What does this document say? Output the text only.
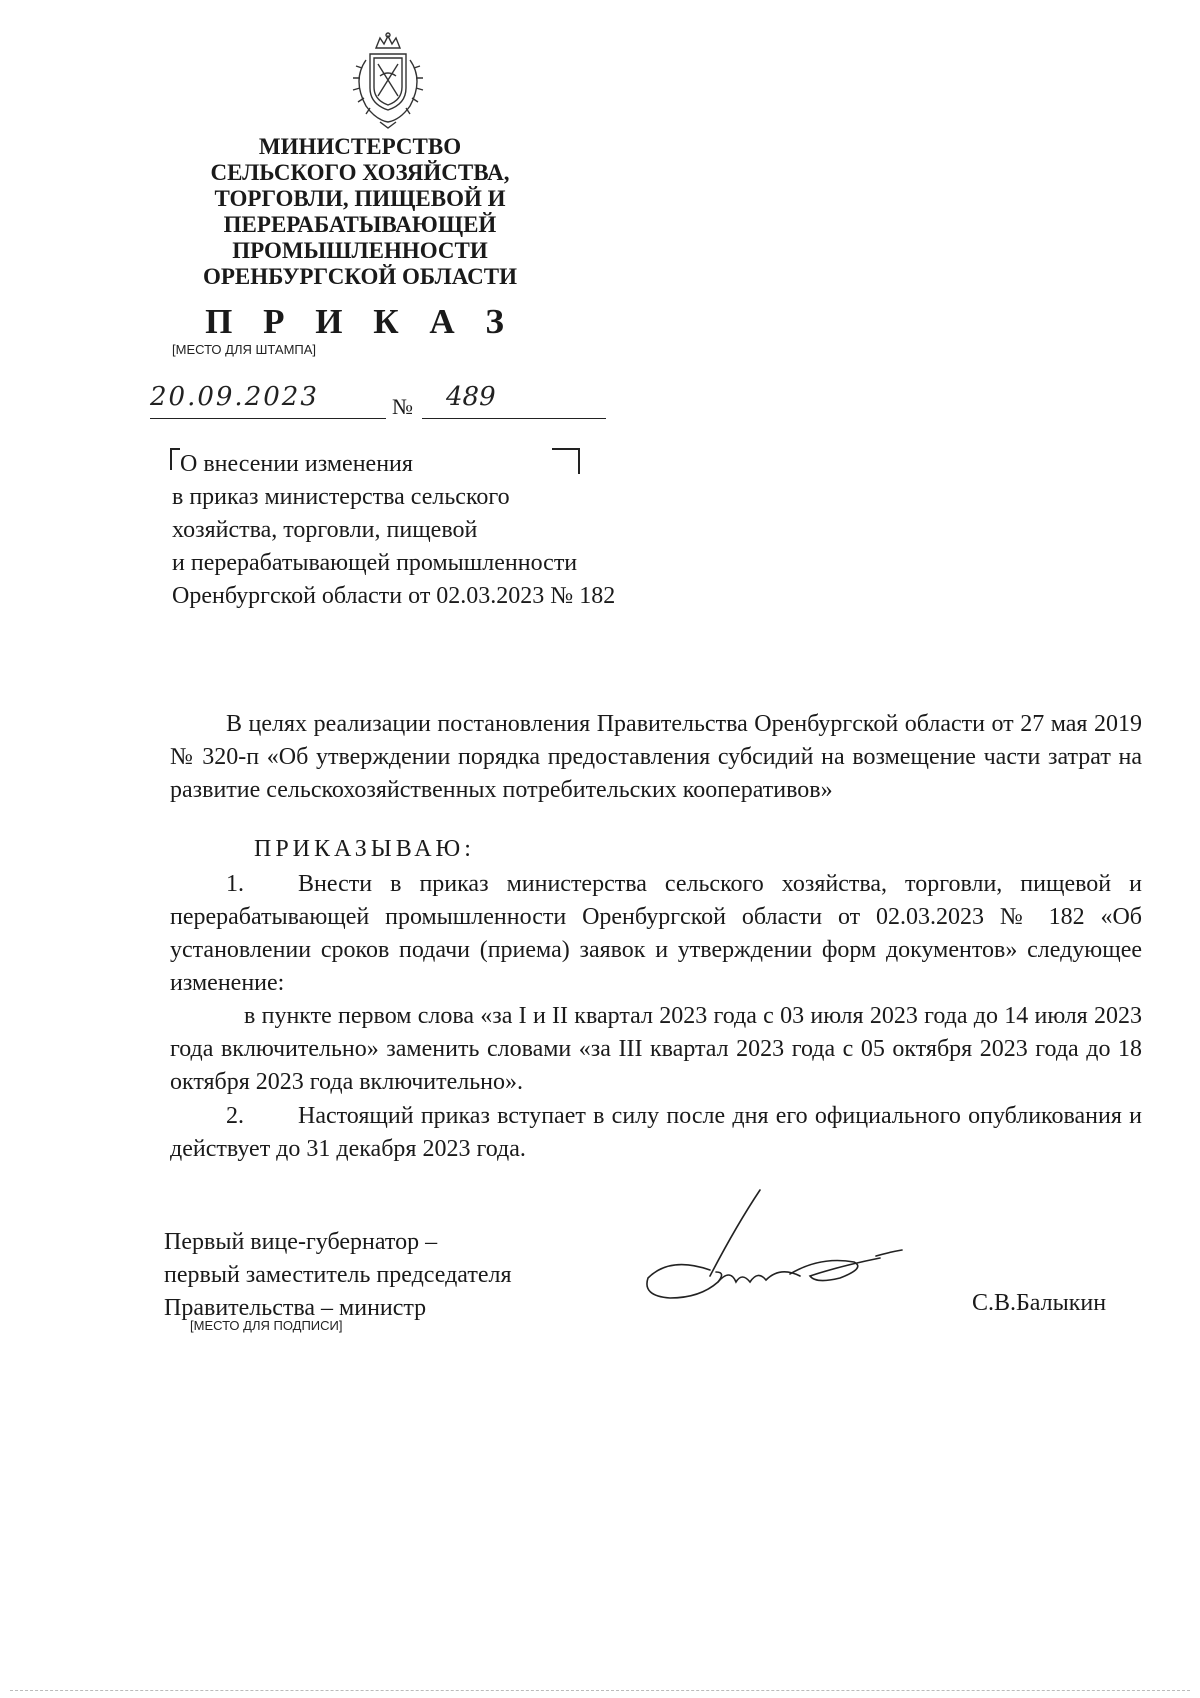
МИНИСТЕРСТВО
СЕЛЬСКОГО ХОЗЯЙСТВА,
ТОРГОВЛИ, ПИЩЕВОЙ И
ПЕРЕРАБАТЫВАЮЩЕЙ
ПРОМЫШЛЕННОСТИ
ОРЕНБУРГСКОЙ ОБЛАСТИ
П Р И К А З
[МЕСТО ДЛЯ ШТАМПА]
20.09.2023	№ 489
О внесении изменения
в приказ министерства сельского
хозяйства, торговли, пищевой
и перерабатывающей промышленности
Оренбургской области от 02.03.2023 № 182
В целях реализации постановления Правительства Оренбургской области от 27 мая 2019 № 320-п «Об утверждении порядка предоставления субсидий на возмещение части затрат на развитие сельскохозяйственных потребительских кооперативов»
ПРИКАЗЫВАЮ:
1. Внести в приказ министерства сельского хозяйства, торговли, пищевой и перерабатывающей промышленности Оренбургской области от 02.03.2023 № 182 «Об установлении сроков подачи (приема) заявок и утверждении форм документов» следующее изменение:
в пункте первом слова «за I и II квартал 2023 года с 03 июля 2023 года до 14 июля 2023 года включительно» заменить словами «за III квартал 2023 года с 05 октября 2023 года до 18 октября 2023 года включительно».
2. Настоящий приказ вступает в силу после дня его официального опубликования и действует до 31 декабря 2023 года.
Первый вице-губернатор –
первый заместитель председателя
Правительства – министр
[МЕСТО ДЛЯ ПОДПИСИ]
С.В.Балыкин
